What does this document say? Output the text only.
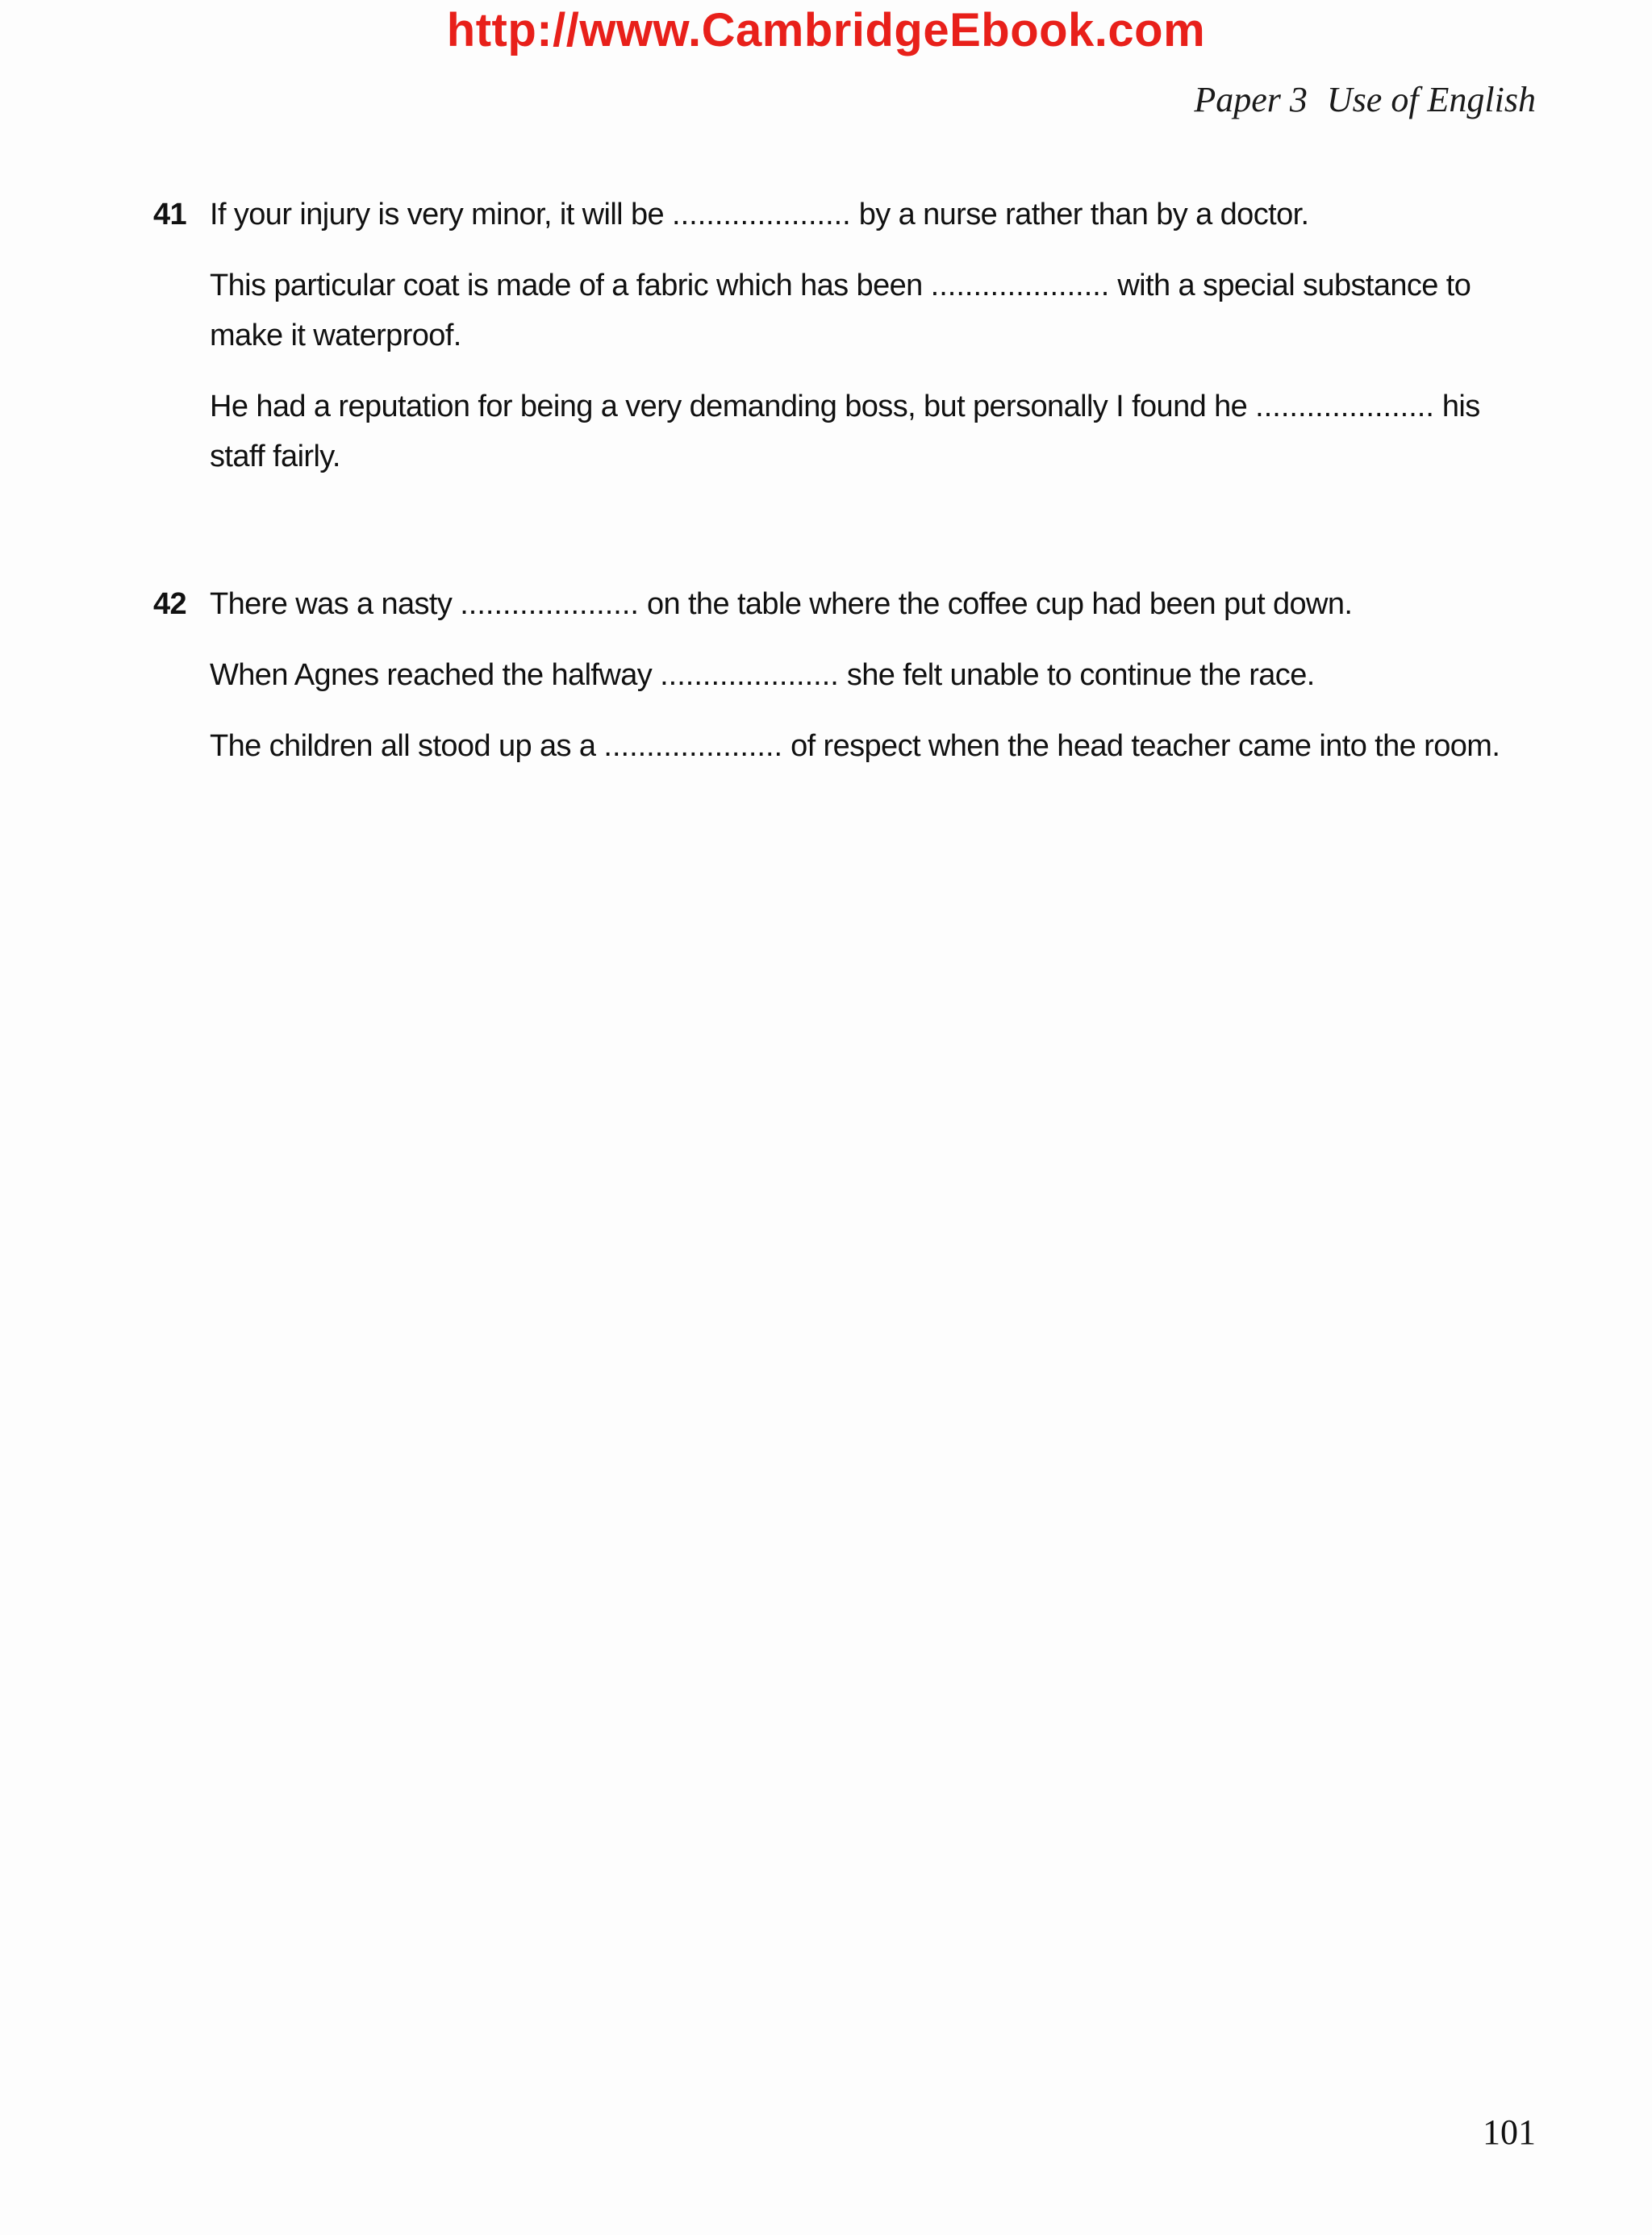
http://www.CambridgeEbook.com
Paper 3 Use of English
41 If your injury is very minor, it will be ..................... by a nurse rather than by a doctor.
This particular coat is made of a fabric which has been ..................... with a special substance to make it waterproof.
He had a reputation for being a very demanding boss, but personally I found he ..................... his staff fairly.
42 There was a nasty ..................... on the table where the coffee cup had been put down.
When Agnes reached the halfway ..................... she felt unable to continue the race.
The children all stood up as a ..................... of respect when the head teacher came into the room.
101
